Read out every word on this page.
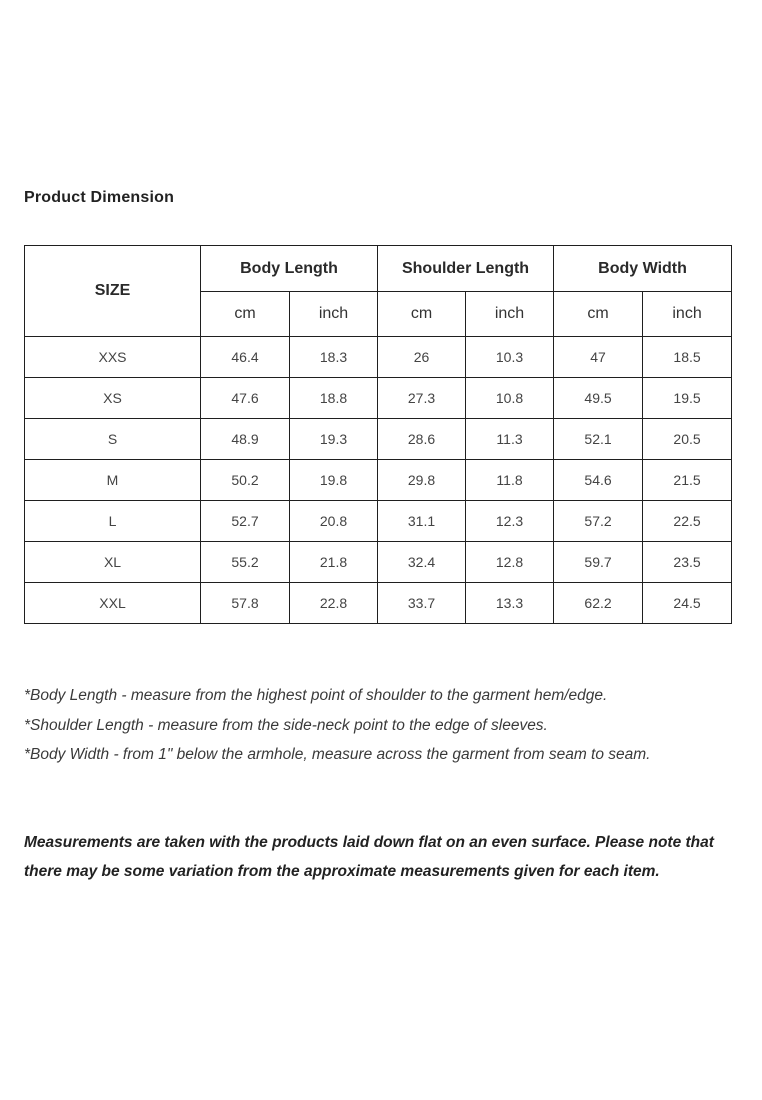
Product Dimension
SIZE	Body Length		Shoulder Length		Body Width	
	cm	inch	cm	inch	cm	inch
XXS	46.4	18.3	26	10.3	47	18.5
XS	47.6	18.8	27.3	10.8	49.5	19.5
S	48.9	19.3	28.6	11.3	52.1	20.5
M	50.2	19.8	29.8	11.8	54.6	21.5
L	52.7	20.8	31.1	12.3	57.2	22.5
XL	55.2	21.8	32.4	12.8	59.7	23.5
XXL	57.8	22.8	33.7	13.3	62.2	24.5

*Body Length - measure from the highest point of shoulder to the garment hem/edge.

*Shoulder Length - measure from the side-neck point to the edge of sleeves.

*Body Width - from 1" below the armhole, measure across the garment from seam to seam.

Measurements are taken with the products laid down flat on an even surface. Please note that there may be some variation from the approximate measurements given for each item.
